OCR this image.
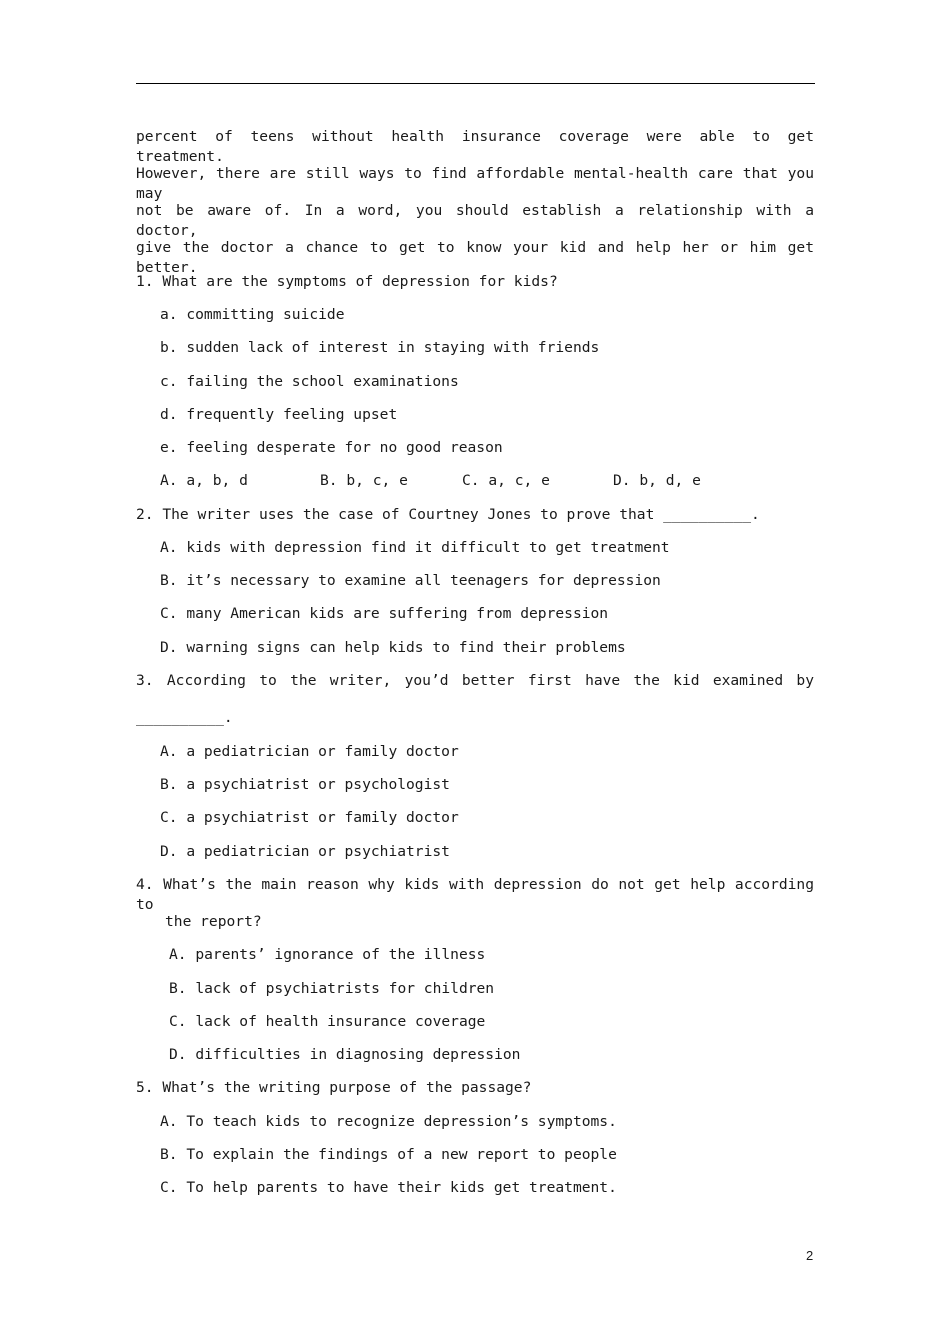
percent of teens without health insurance coverage were able to get treatment.
However, there are still ways to find affordable mental-health care that you may
not be aware of. In a word, you should establish a relationship with a doctor,
give the doctor a chance to get to know your kid and help her or him get better.
1. What are the symptoms of depression for kids?
a. committing suicide
b. sudden lack of interest in staying with friends
c. failing the school examinations
d. frequently feeling upset
e. feeling desperate for no good reason

A. a, b, d

	B. b, c, e

	C. a, c, e

	D. b, d, e

2. The writer uses the case of Courtney Jones to prove that __________.
A. kids with depression find it difficult to get treatment
B. it’s necessary to examine all teenagers for depression
C. many American kids are suffering from depression
D. warning signs can help kids to find their problems
3. According to the writer, you’d better first have the kid examined by
__________.
A. a pediatrician or family doctor
B. a psychiatrist or psychologist
C. a psychiatrist or family doctor
D. a pediatrician or psychiatrist
4. What’s the main reason why kids with depression do not get help according to
the report?
A. parents’ ignorance of the illness
B. lack of psychiatrists for children
C. lack of health insurance coverage
D. difficulties in diagnosing depression
5. What’s the writing purpose of the passage?
A. To teach kids to recognize depression’s symptoms.
B. To explain the findings of a new report to people
C. To help parents to have their kids get treatment.
2
